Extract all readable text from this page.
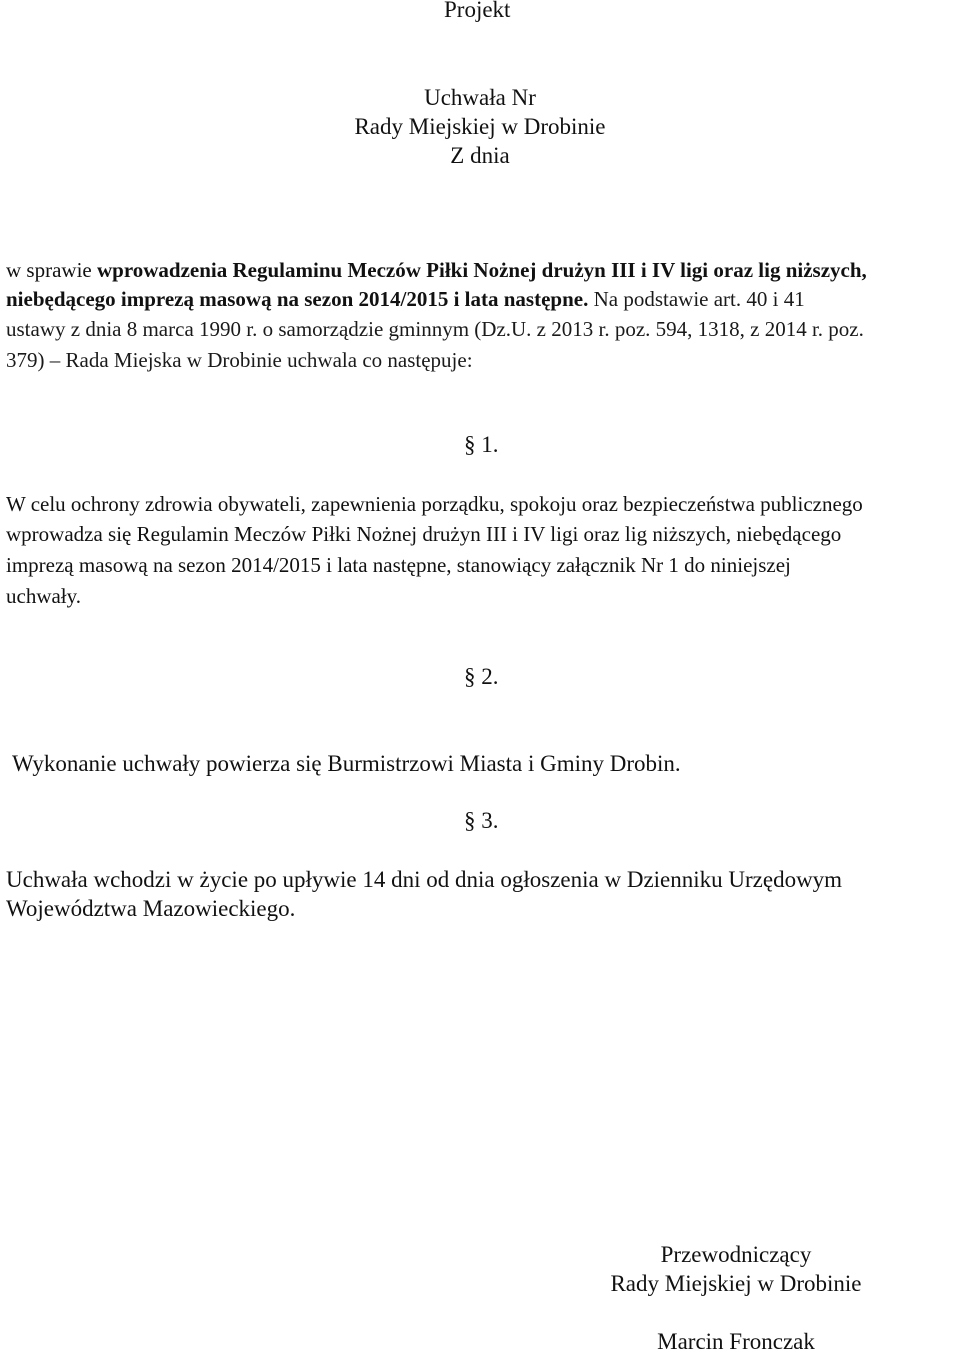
Projekt
Uchwała Nr
Rady Miejskiej w Drobinie
Z dnia
w sprawie wprowadzenia Regulaminu Meczów Piłki Nożnej drużyn III i IV ligi oraz lig niższych,
niebędącego imprezą masową na sezon 2014/2015 i lata następne. Na podstawie art. 40 i 41
ustawy z dnia 8 marca 1990 r. o samorządzie gminnym (Dz.U. z 2013 r. poz. 594, 1318, z 2014 r. poz.
379) – Rada Miejska w Drobinie uchwala co następuje:
§ 1.
W celu ochrony zdrowia obywateli, zapewnienia porządku, spokoju oraz bezpieczeństwa publicznego
wprowadza się Regulamin Meczów Piłki Nożnej drużyn III i IV ligi oraz lig niższych, niebędącego
imprezą masową na sezon 2014/2015 i lata następne, stanowiący załącznik Nr 1 do niniejszej
uchwały.
§ 2.
Wykonanie uchwały powierza się Burmistrzowi Miasta i Gminy Drobin.
§ 3.
Uchwała wchodzi w życie po upływie 14 dni od dnia ogłoszenia w Dzienniku Urzędowym
Województwa Mazowieckiego.
Przewodniczący
Rady Miejskiej w Drobinie
Marcin Fronczak
